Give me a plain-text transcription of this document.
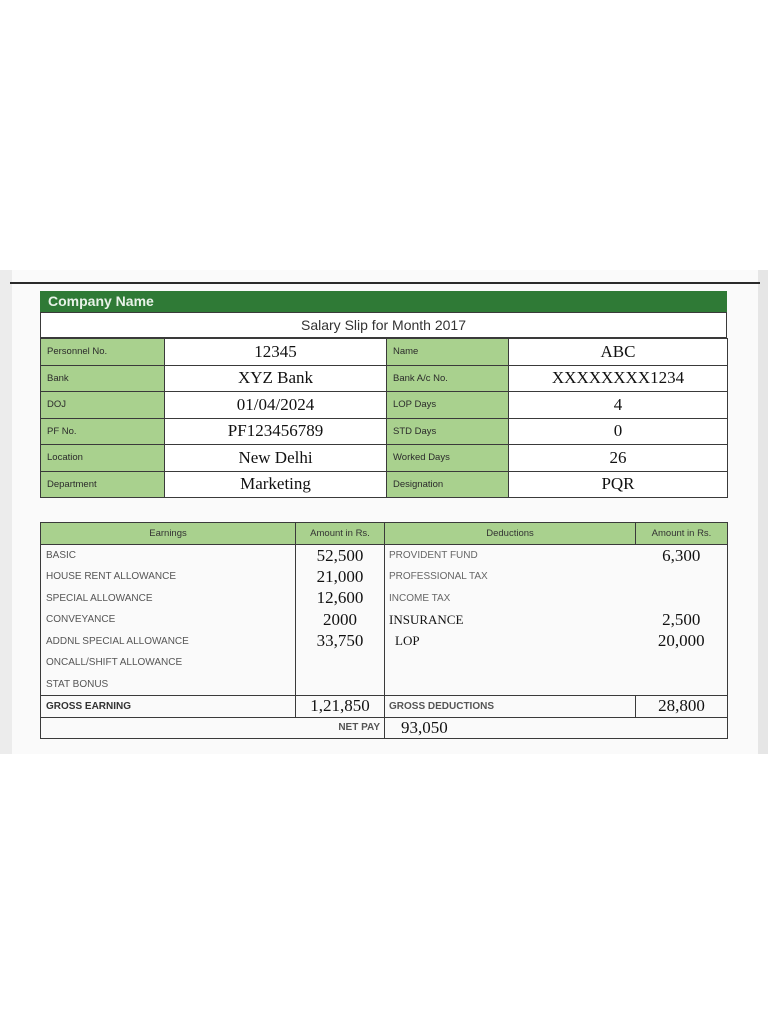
Company Name
Salary Slip for Month 2017
Personnel No.	12345	Name	ABC
Bank	XYZ Bank	Bank A/c No.	XXXXXXXX1234
DOJ	01/04/2024	LOP Days	4
PF No.	PF123456789	STD Days	0
Location	New Delhi	Worked Days	26
Department	Marketing	Designation	PQR
Earnings	Amount in Rs.	Deductions	Amount in Rs.
BASIC	52,500	PROVIDENT FUND	6,300
HOUSE RENT ALLOWANCE	21,000	PROFESSIONAL TAX	
SPECIAL ALLOWANCE	12,600	INCOME TAX	
CONVEYANCE	2000	INSURANCE	2,500
ADDNL SPECIAL ALLOWANCE	33,750	LOP	20,000
ONCALL/SHIFT ALLOWANCE			
STAT BONUS			
GROSS EARNING	1,21,850	GROSS DEDUCTIONS	28,800
NET PAY		93,050	
